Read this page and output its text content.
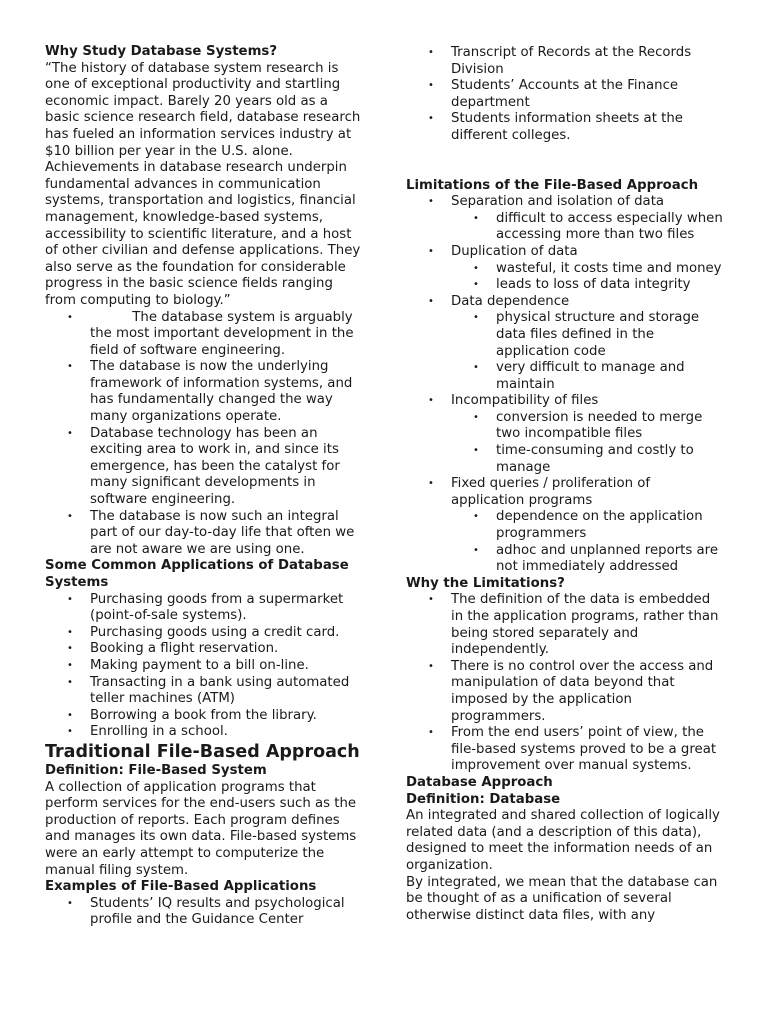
Why Study Database Systems?

“The history of database system research is one of exceptional productivity and startling economic impact. Barely 20 years old as a basic science research field, database research has fueled an information services industry at $10 billion per year in the U.S. alone. Achievements in database research underpin fundamental advances in communication systems, transportation and logistics, financial management, knowledge-based systems, accessibility to scientific literature, and a host of other civilian and defense applications. They also serve as the foundation for considerable progress in the basic science fields ranging from computing to biology.”

•           The database system is arguably the most important development in the field of software engineering.
• The database is now the underlying framework of information systems, and has fundamentally changed the way many organizations operate.
• Database technology has been an exciting area to work in, and since its emergence, has been the catalyst for many significant developments in software engineering.
• The database is now such an integral part of our day-to-day life that often we are not aware we are using one.
Some Common Applications of Database Systems
• Purchasing goods from a supermarket (point-of-sale systems).
• Purchasing goods using a credit card.
• Booking a flight reservation.
• Making payment to a bill on-line.
• Transacting in a bank using automated teller machines (ATM)
• Borrowing a book from the library.
• Enrolling in a school.
Traditional File-Based Approach
Definition: File-Based System

A collection of application programs that perform services for the end-users such as the production of reports. Each program defines and manages its own data. File-based systems were an early attempt to computerize the manual filing system.

Examples of File-Based Applications
• Students’ IQ results and psychological profile and the Guidance Center
• Transcript of Records at the Records Division
• Students’ Accounts at the Finance department
• Students information sheets at the different colleges.
Limitations of the File-Based Approach
• Separation and isolation of data
• difficult to access especially when accessing more than two files
• Duplication of data
• wasteful, it costs time and money
• leads to loss of data integrity
• Data dependence
• physical structure and storage data files defined in the application code
• very difficult to manage and maintain
• Incompatibility of files
• conversion is needed to merge two incompatible files
• time-consuming and costly to manage
• Fixed queries / proliferation of application programs
• dependence on the application programmers
• adhoc and unplanned reports are not immediately addressed
Why the Limitations?
• The definition of the data is embedded in the application programs, rather than being stored separately and independently.
• There is no control over the access and manipulation of data beyond that imposed by the application programmers.
• From the end users’ point of view, the file-based systems proved to be a great improvement over manual systems.
Database Approach
Definition: Database

An integrated and shared collection of logically related data (and a description of this data), designed to meet the information needs of an organization.

By integrated, we mean that the database can be thought of as a unification of several otherwise distinct data files, with any
